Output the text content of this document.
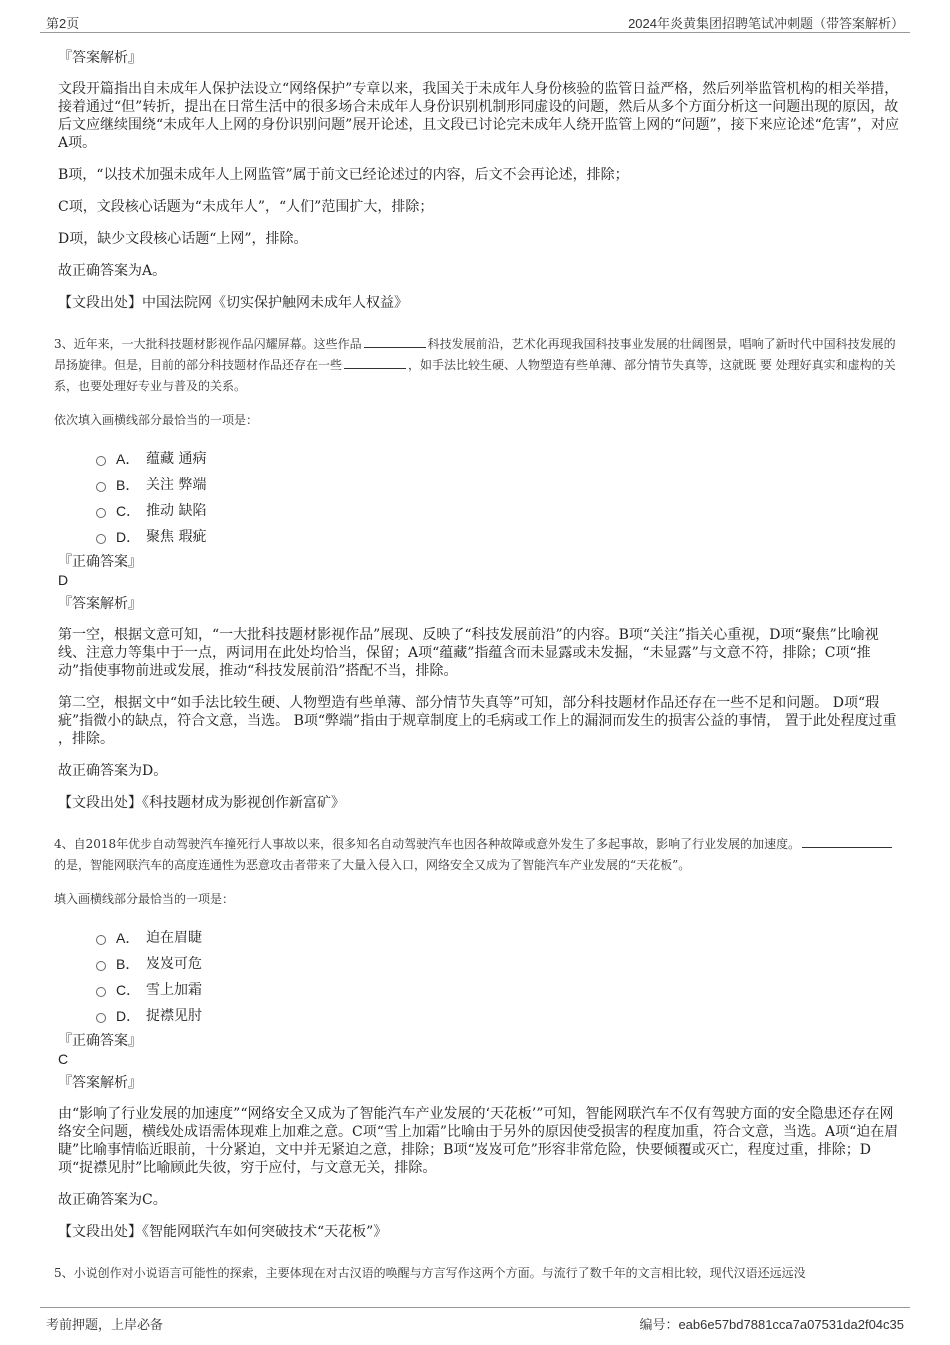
第2页	2024年炎黄集团招聘笔试冲刺题（带答案解析）
『答案解析』

文段开篇指出自未成年人保护法设立“网络保护”专章以来，我国关于未成年人身份核验的监管日益严格，然后列举监管机构的相关举措，接着通过“但”转折，提出在日常生活中的很多场合未成年人身份识别机制形同虚设的问题，然后从多个方面分析这一问题出现的原因，故后文应继续围绕“未成年人上网的身份识别问题”展开论述，且文段已讨论完未成年人绕开监管上网的“问题”，接下来应论述“危害”，对应A项。

B项，“以技术加强未成年人上网监管”属于前文已经论述过的内容，后文不会再论述，排除；

C项，文段核心话题为“未成年人”，“人们”范围扩大，排除；

D项，缺少文段核心话题“上网”，排除。

故正确答案为A。

【文段出处】中国法院网《切实保护触网未成年人权益》

3、近年来，一大批科技题材影视作品闪耀屏幕。这些作品	科技发展前沿，艺术化再现我国科技事业发展的壮阔图景，唱响了新时代中国科技发展的昂扬旋律。但是，目前的部分科技题材作品还存在一些	，如手法比较生硬、人物塑造有些单薄、部分情节失真等，这就既 要 处理好真实和虚构的关系，也要处理好专业与普及的关系。
依次填入画横线部分最恰当的一项是：
A． 蕴藏 通病
B． 关注 弊端
C． 推动 缺陷
D． 聚焦 瑕疵
『正确答案』
D
『答案解析』

第一空，根据文意可知，“一大批科技题材影视作品”展现、反映了“科技发展前沿”的内容。B项“关注”指关心重视，D项“聚焦”比喻视线、注意力等集中于一点，两词用在此处均恰当，保留；A项“蕴藏”指蕴含而未显露或未发掘，“未显露”与文意不符，排除；C项“推动”指使事物前进或发展，推动“科技发展前沿”搭配不当，排除。

第二空，根据文中“如手法比较生硬、人物塑造有些单薄、部分情节失真等”可知，部分科技题材作品还存在一些不足和问题。 D项“瑕疵”指微小的缺点，符合文意，当选。 B项“弊端”指由于规章制度上的毛病或工作上的漏洞而发生的损害公益的事情， 置于此处程度过重 ，排除。

故正确答案为D。

【文段出处】《科技题材成为影视创作新富矿》

4、自2018年优步自动驾驶汽车撞死行人事故以来，很多知名自动驾驶汽车也因各种故障或意外发生了多起事故，影响了行业发展的加速度。的是，智能网联汽车的高度连通性为恶意攻击者带来了大量入侵入口，网络安全又成为了智能汽车产业发展的“天花板”。
填入画横线部分最恰当的一项是：
A． 迫在眉睫
B． 岌岌可危
C． 雪上加霜
D． 捉襟见肘
『正确答案』
C
『答案解析』

由“影响了行业发展的加速度”“网络安全又成为了智能汽车产业发展的‘天花板’”可知，智能网联汽车不仅有驾驶方面的安全隐患还存在网络安全问题，横线处成语需体现难上加难之意。C项“雪上加霜”比喻由于另外的原因使受损害的程度加重，符合文意，当选。A项“迫在眉睫”比喻事情临近眼前，十分紧迫，文中并无紧迫之意，排除；B项“岌岌可危”形容非常危险，快要倾覆或灭亡，程度过重，排除；D项“捉襟见肘”比喻顾此失彼，穷于应付，与文意无关，排除。

故正确答案为C。

【文段出处】《智能网联汽车如何突破技术“天花板”》

5、小说创作对小说语言可能性的探索，主要体现在对古汉语的唤醒与方言写作这两个方面。与流行了数千年的文言相比较，现代汉语还远远没
考前押题，上岸必备	编号：eab6e57bd7881cca7a07531da2f04c35
